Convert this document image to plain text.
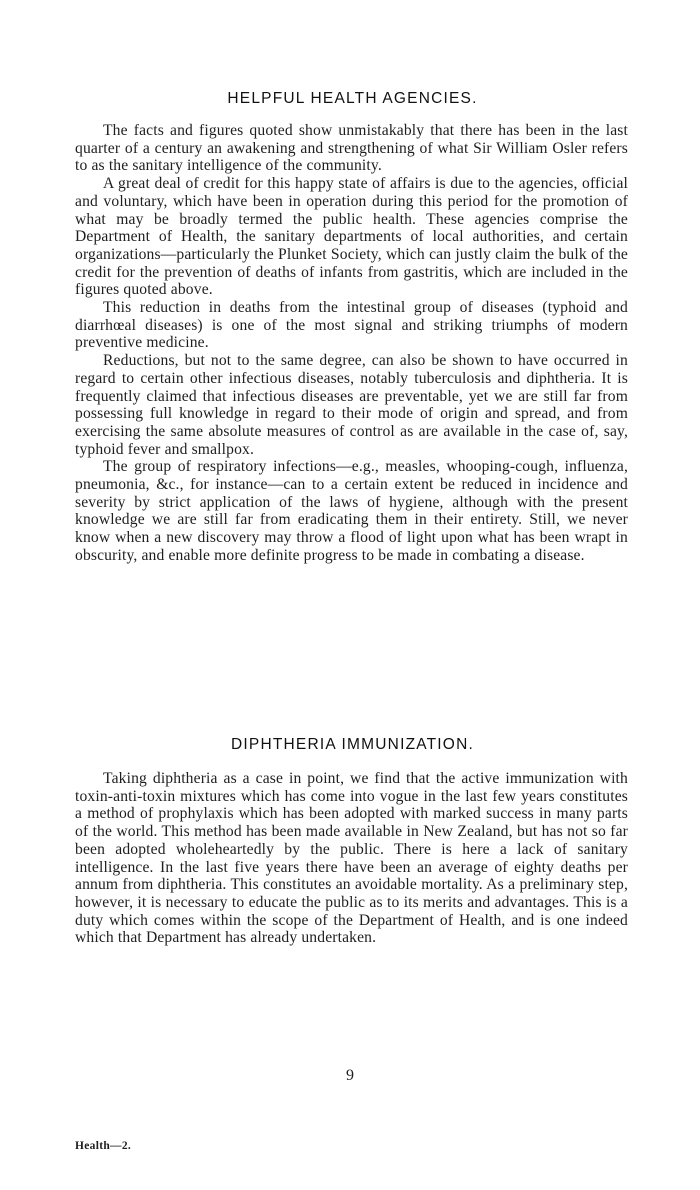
HELPFUL HEALTH AGENCIES.

The facts and figures quoted show unmistakably that there has been in the last quarter of a century an awakening and strengthening of what Sir William Osler refers to as the sanitary intelligence of the community.

A great deal of credit for this happy state of affairs is due to the agencies, official and voluntary, which have been in operation during this period for the promotion of what may be broadly termed the public health. These agencies comprise the Department of Health, the sanitary departments of local authorities, and certain organizations—particularly the Plunket Society, which can justly claim the bulk of the credit for the prevention of deaths of infants from gastritis, which are included in the figures quoted above.

This reduction in deaths from the intestinal group of diseases (typhoid and diarrhœal diseases) is one of the most signal and striking triumphs of modern preventive medicine.

Reductions, but not to the same degree, can also be shown to have occurred in regard to certain other infectious diseases, notably tuberculosis and diphtheria. It is frequently claimed that infectious diseases are preventable, yet we are still far from possessing full knowledge in regard to their mode of origin and spread, and from exercising the same absolute measures of control as are available in the case of, say, typhoid fever and smallpox.

The group of respiratory infections—e.g., measles, whooping-cough, influenza, pneumonia, &c., for instance—can to a certain extent be reduced in incidence and severity by strict application of the laws of hygiene, although with the present knowledge we are still far from eradicating them in their entirety. Still, we never know when a new discovery may throw a flood of light upon what has been wrapt in obscurity, and enable more definite progress to be made in combating a disease.

DIPHTHERIA IMMUNIZATION.

Taking diphtheria as a case in point, we find that the active immunization with toxin-anti-toxin mixtures which has come into vogue in the last few years constitutes a method of prophylaxis which has been adopted with marked success in many parts of the world. This method has been made available in New Zealand, but has not so far been adopted wholeheartedly by the public. There is here a lack of sanitary intelligence. In the last five years there have been an average of eighty deaths per annum from diphtheria. This constitutes an avoidable mortality. As a preliminary step, however, it is necessary to educate the public as to its merits and advantages. This is a duty which comes within the scope of the Department of Health, and is one indeed which that Department has already undertaken.

9

Health—2.
